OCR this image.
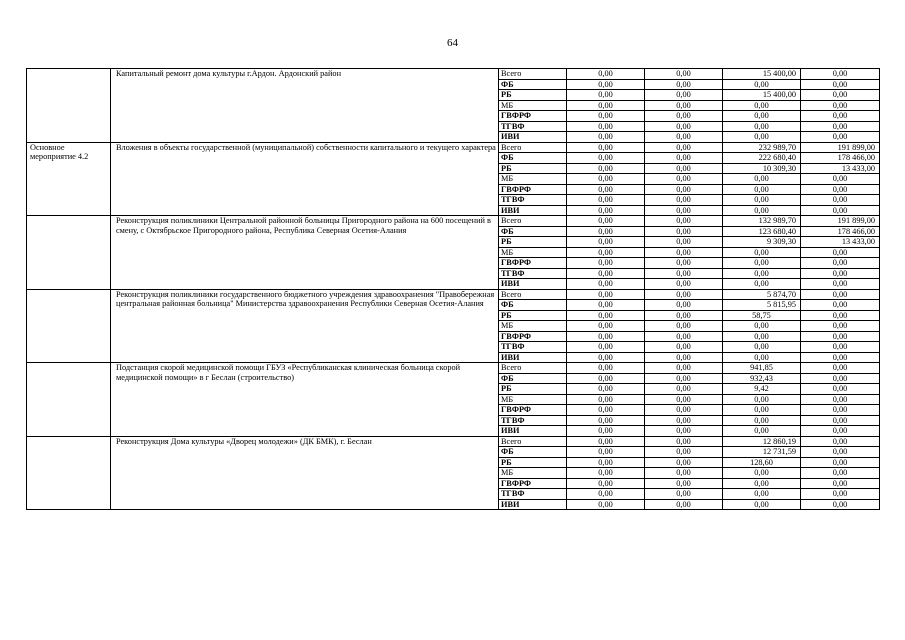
64
	Капитальный ремонт дома культуры г.Ардон. Ардонский район	Всего	0,00	0,00	15 400,00	0,00
		ФБ	0,00	0,00	0,00	0,00
		РБ	0,00	0,00	15 400,00	0,00
		МБ	0,00	0,00	0,00	0,00
		ГВФРФ	0,00	0,00	0,00	0,00
		ТГВФ	0,00	0,00	0,00	0,00
		ИВИ	0,00	0,00	0,00	0,00
Основное мероприятие 4.2	Вложения в объекты государственной (муниципальной) собственности капитального и текущего характера	Всего	0,00	0,00	232 989,70	191 899,00
		ФБ	0,00	0,00	222 680,40	178 466,00
		РБ	0,00	0,00	10 309,30	13 433,00
		МБ	0,00	0,00	0,00	0,00
		ГВФРФ	0,00	0,00	0,00	0,00
		ТГВФ	0,00	0,00	0,00	0,00
		ИВИ	0,00	0,00	0,00	0,00
	Реконструкция поликлиники Центральной районной больницы Пригородного района на 600 посещений в смену, с Октябрьское Пригородного района, Республика Северная Осетия-Алания	Всего	0,00	0,00	132 989,70	191 899,00
		ФБ	0,00	0,00	123 680,40	178 466,00
		РБ	0,00	0,00	9 309,30	13 433,00
		МБ	0,00	0,00	0,00	0,00
		ГВФРФ	0,00	0,00	0,00	0,00
		ТГВФ	0,00	0,00	0,00	0,00
		ИВИ	0,00	0,00	0,00	0,00
	Реконструкция поликлиники государственного бюджетного учреждения здравоохранения "Правобережная центральная районная больница" Министерства здравоохранения Республики Северная Осетия-Алания	Всего	0,00	0,00	5 874,70	0,00
		ФБ	0,00	0,00	5 815,95	0,00
		РБ	0,00	0,00	58,75	0,00
		МБ	0,00	0,00	0,00	0,00
		ГВФРФ	0,00	0,00	0,00	0,00
		ТГВФ	0,00	0,00	0,00	0,00
		ИВИ	0,00	0,00	0,00	0,00
	Подстанция скорой медицинской помощи ГБУЗ «Республиканская клиническая больница скорой медицинской помощи» в г Беслан (строительство)	Всего	0,00	0,00	941,85	0,00
		ФБ	0,00	0,00	932,43	0,00
		РБ	0,00	0,00	9,42	0,00
		МБ	0,00	0,00	0,00	0,00
		ГВФРФ	0,00	0,00	0,00	0,00
		ТГВФ	0,00	0,00	0,00	0,00
		ИВИ	0,00	0,00	0,00	0,00
	Реконструкция Дома культуры «Дворец молодежи» (ДК БМК), г. Беслан	Всего	0,00	0,00	12 860,19	0,00
		ФБ	0,00	0,00	12 731,59	0,00
		РБ	0,00	0,00	128,60	0,00
		МБ	0,00	0,00	0,00	0,00
		ГВФРФ	0,00	0,00	0,00	0,00
		ТГВФ	0,00	0,00	0,00	0,00
		ИВИ	0,00	0,00	0,00	0,00
